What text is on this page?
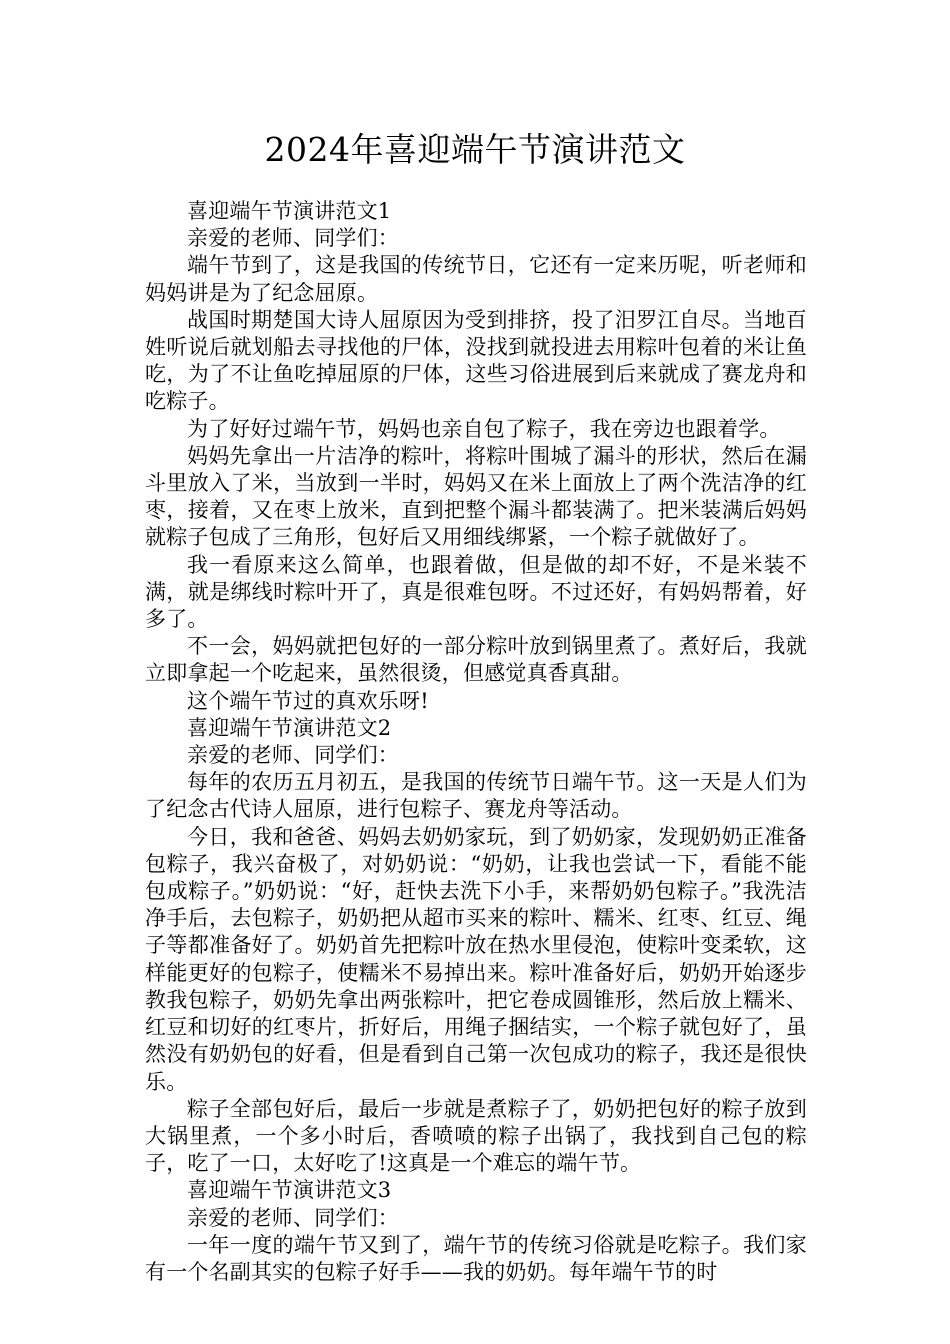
2024年喜迎端午节演讲范文

喜迎端午节演讲范文1

亲爱的老师、同学们：

端午节到了，这是我国的传统节日，它还有一定来历呢，听老师和妈妈讲是为了纪念屈原。

战国时期楚国大诗人屈原因为受到排挤，投了汨罗江自尽。当地百姓听说后就划船去寻找他的尸体，没找到就投进去用粽叶包着的米让鱼吃，为了不让鱼吃掉屈原的尸体，这些习俗进展到后来就成了赛龙舟和吃粽子。

为了好好过端午节，妈妈也亲自包了粽子，我在旁边也跟着学。

妈妈先拿出一片洁净的粽叶，将粽叶围城了漏斗的形状，然后在漏斗里放入了米，当放到一半时，妈妈又在米上面放上了两个洗洁净的红枣，接着，又在枣上放米，直到把整个漏斗都装满了。把米装满后妈妈就粽子包成了三角形，包好后又用细线绑紧，一个粽子就做好了。

我一看原来这么简单，也跟着做，但是做的却不好，不是米装不满，就是绑线时粽叶开了，真是很难包呀。不过还好，有妈妈帮着，好多了。

不一会，妈妈就把包好的一部分粽叶放到锅里煮了。煮好后，我就立即拿起一个吃起来，虽然很烫，但感觉真香真甜。

这个端午节过的真欢乐呀!

喜迎端午节演讲范文2

亲爱的老师、同学们：

每年的农历五月初五，是我国的传统节日端午节。这一天是人们为了纪念古代诗人屈原，进行包粽子、赛龙舟等活动。

今日，我和爸爸、妈妈去奶奶家玩，到了奶奶家，发现奶奶正准备包粽子，我兴奋极了，对奶奶说：“奶奶，让我也尝试一下，看能不能包成粽子。”奶奶说：“好，赶快去洗下小手，来帮奶奶包粽子。”我洗洁净手后，去包粽子，奶奶把从超市买来的粽叶、糯米、红枣、红豆、绳子等都准备好了。奶奶首先把粽叶放在热水里侵泡，使粽叶变柔软，这样能更好的包粽子，使糯米不易掉出来。粽叶准备好后，奶奶开始逐步教我包粽子，奶奶先拿出两张粽叶，把它卷成圆锥形，然后放上糯米、红豆和切好的红枣片，折好后，用绳子捆结实，一个粽子就包好了，虽然没有奶奶包的好看，但是看到自己第一次包成功的粽子，我还是很快乐。

粽子全部包好后，最后一步就是煮粽子了，奶奶把包好的粽子放到大锅里煮，一个多小时后，香喷喷的粽子出锅了，我找到自己包的粽子，吃了一口，太好吃了!这真是一个难忘的端午节。

喜迎端午节演讲范文3

亲爱的老师、同学们：

一年一度的端午节又到了，端午节的传统习俗就是吃粽子。我们家有一个名副其实的包粽子好手——我的奶奶。每年端午节的时
